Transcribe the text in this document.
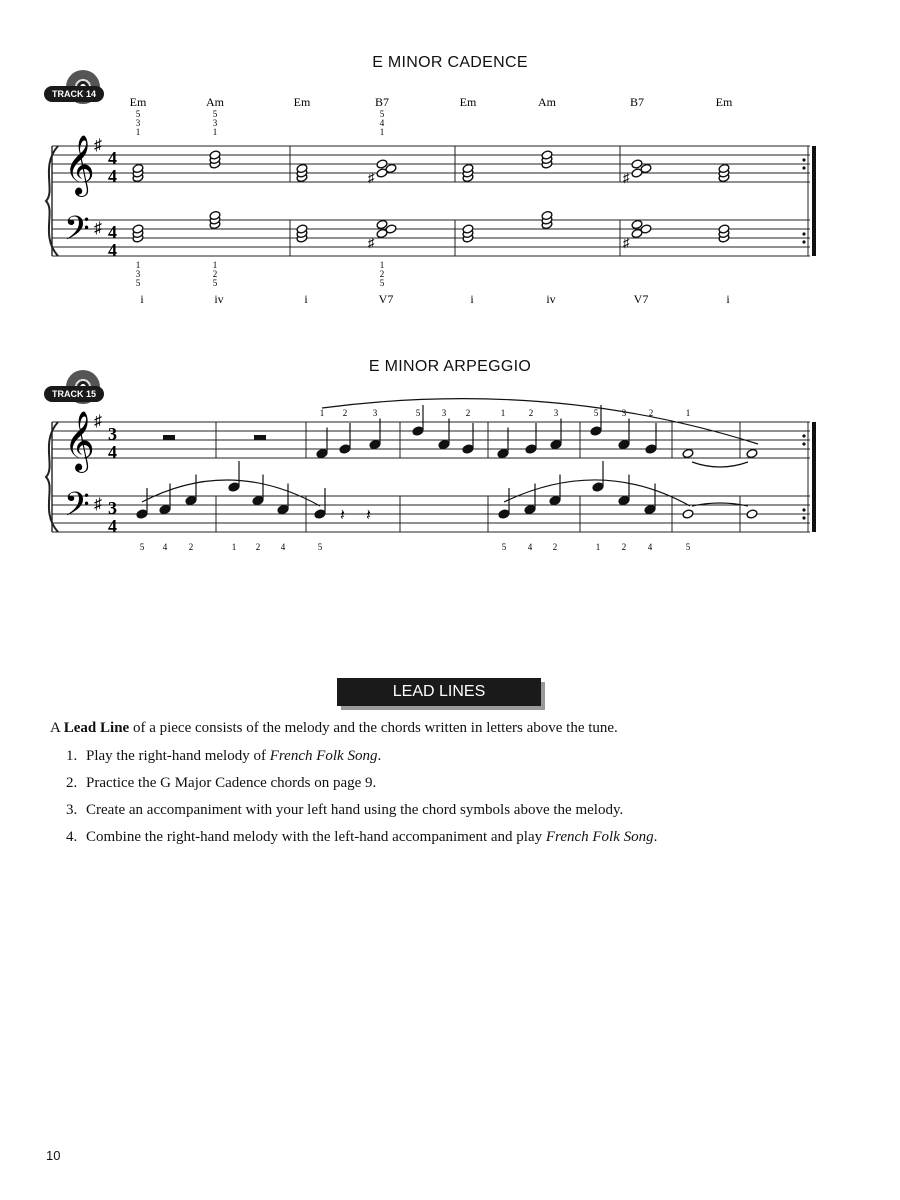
E MINOR CADENCE
TRACK 14
𝄞
𝄢
♯
♯
4
4
4
4
Em
i
5
3
1
1
3
5
Am
iv
5
3
1
1
2
5
Em
i
B7
V7
♯
♯
5
4
1
1
2
5
Em
i
Am
iv
B7
V7
♯
♯
Em
i
E MINOR ARPEGGIO
TRACK 15
𝄞
𝄢
♯
♯
3
4
3
4
1 2	3	5 3 2	1	2 3	5	3	2	1
5 4 2	1 2 4	5	5 4 2	1 2 4	5
𝄽 𝄽
LEAD LINES
A Lead Line of a piece consists of the melody and the chords written in letters above the tune.
1. Play the right-hand melody of French Folk Song.
2. Practice the G Major Cadence chords on page 9.
3. Create an accompaniment with your left hand using the chord symbols above the melody.
4. Combine the right-hand melody with the left-hand accompaniment and play French Folk Song.
10
